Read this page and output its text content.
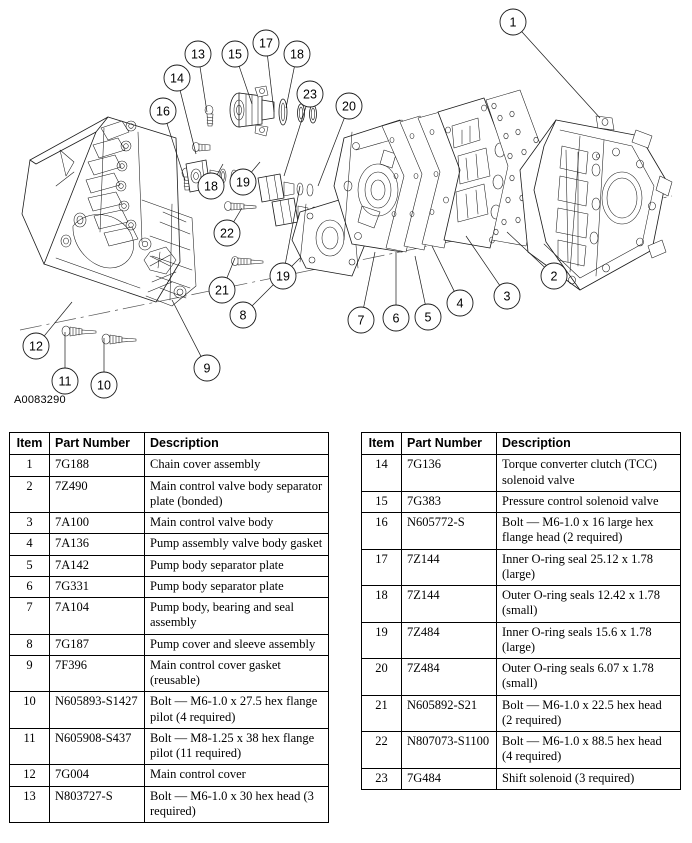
1
2
3
4
5
6
7
8
9
10
11
12
13
14
15
16
17
18
18 19
19
20
21
22
23
A0083290
Item	Part Number	Description
1	7G188	Chain cover assembly
2	7Z490	Main control valve body separator plate (bonded)
3	7A100	Main control valve body
4	7A136	Pump assembly valve body gasket
5	7A142	Pump body separator plate
6	7G331	Pump body separator plate
7	7A104	Pump body, bearing and seal assembly
8	7G187	Pump cover and sleeve assembly
9	7F396	Main control cover gasket (reusable)
10	N605893-S1427	Bolt — M6-1.0 x 27.5 hex flange pilot (4 required)
11	N605908-S437	Bolt — M8-1.25 x 38 hex flange pilot (11 required)
12	7G004	Main control cover
13	N803727-S	Bolt — M6-1.0 x 30 hex head (3 required)
Item	Part Number	Description
14	7G136	Torque converter clutch (TCC) solenoid valve
15	7G383	Pressure control solenoid valve
16	N605772-S	Bolt — M6-1.0 x 16 large hex flange head (2 required)
17	7Z144	Inner O-ring seal 25.12 x 1.78 (large)
18	7Z144	Outer O-ring seals 12.42 x 1.78 (small)
19	7Z484	Inner O-ring seals 15.6 x 1.78 (large)
20	7Z484	Outer O-ring seals 6.07 x 1.78 (small)
21	N605892-S21	Bolt — M6-1.0 x 22.5 hex head (2 required)
22	N807073-S1100	Bolt — M6-1.0 x 88.5 hex head (4 required)
23	7G484	Shift solenoid (3 required)
